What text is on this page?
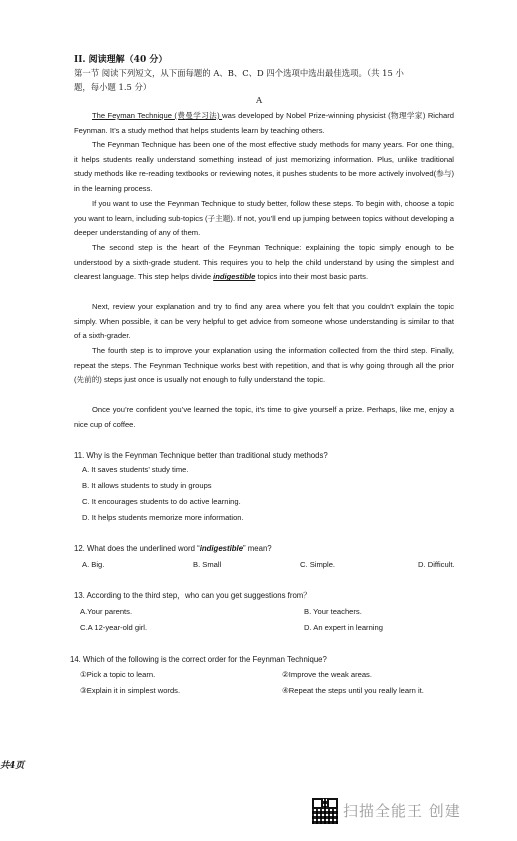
II. 阅读理解（40 分）
第一节 阅读下列短文，从下面每题的 A、B、C、D 四个选项中选出最佳选项。（共 15 小
题，每小题 1.5 分）
A
The Feyman Technique (费曼学习法) was developed by Nobel Prize-winning physicist (物理学家) Richard Feynman. It’s a study method that helps students learn by teaching others.
The Feynman Technique has been one of the most effective study methods for many years. For one thing, it helps students really understand something instead of just memorizing information. Plus, unlike traditional study methods like re-reading textbooks or reviewing notes, it pushes students to be more actively involved(参与) in the learning process.
If you want to use the Feynman Technique to study better, follow these steps. To begin with, choose a topic you want to learn, including sub-topics (子主题). If not, you’ll end up jumping between topics without developing a deeper understanding of any of them.
The second step is the heart of the Feynman Technique: explaining the topic simply enough to be understood by a sixth-grade student. This requires you to help the child understand by using the simplest and clearest language. This step helps divide indigestible topics into their most basic parts.
Next, review your explanation and try to find any area where you felt that you couldn’t explain the topic simply. When possible, it can be very helpful to get advice from someone whose understanding is similar to that of a sixth-grader.
The fourth step is to improve your explanation using the information collected from the third step. Finally, repeat the steps. The Feynman Technique works best with repetition, and that is why going through all the prior (先前的) steps just once is usually not enough to fully understand the topic.
Once you’re confident you’ve learned the topic, it’s time to give yourself a prize. Perhaps, like me, enjoy a nice cup of coffee.
11. Why is the Feynman Technique better than traditional study methods?
A. It saves students’ study time.
B. It allows students to study in groups
C. It encourages students to do active learning.
D. It helps students memorize more information.
12. What does the underlined word “indigestible” mean?
A. Big.	B. Small	C. Simple.	D. Difficult.
13. According to the third step，who can you get suggestions from？
A.Your parents.	B. Your teachers.
C.A 12-year-old girl.	D. An expert in learning
14. Which of the following is the correct order for the Feynman Technique?
①Pick a topic to learn.	②Improve the weak areas.
③Explain it in simplest words.	④Repeat the steps until you really learn it.
共4页
扫描全能王 创建
